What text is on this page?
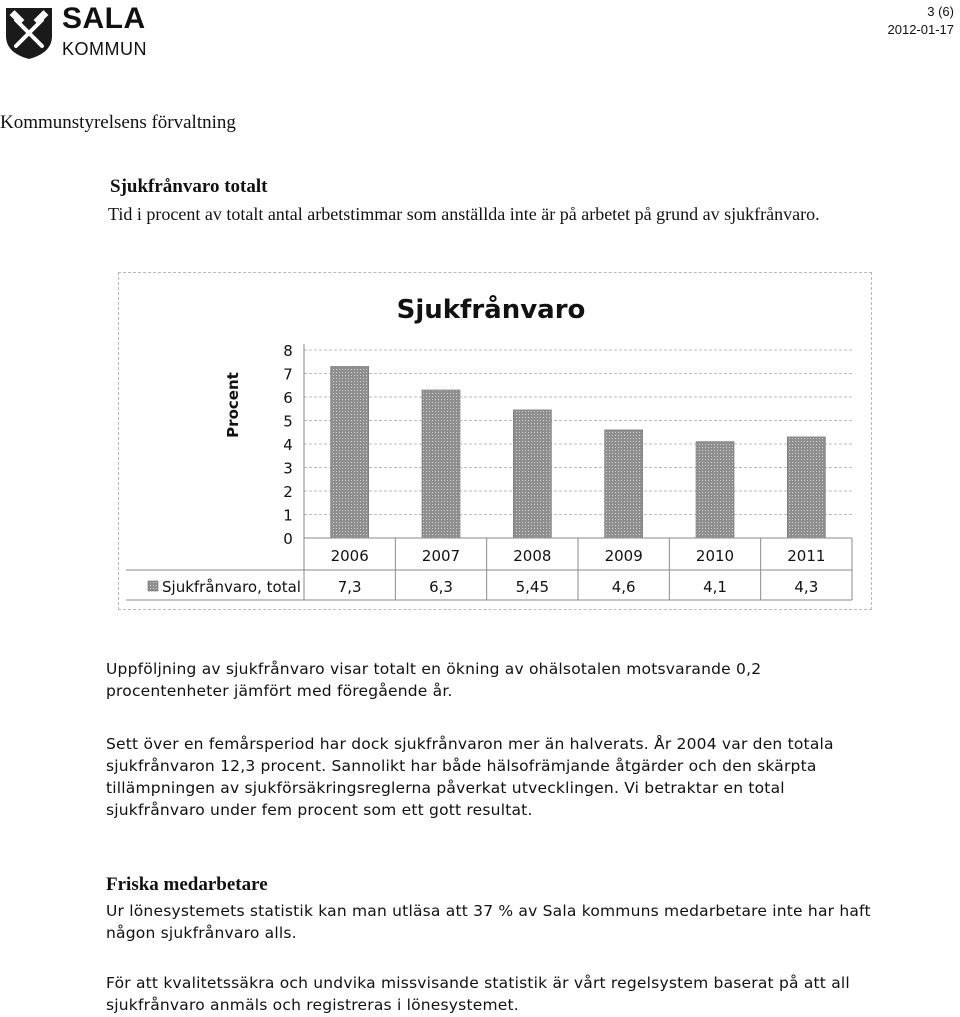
SALA
KOMMUN
3 (6)
2012-01-17
Kommunstyrelsens förvaltning
Sjukfrånvaro totalt
Tid i procent av totalt antal arbetstimmar som anställda inte är på arbetet på grund av sjukfrånvaro.
Sjukfrånvaro
Procent
0
1
2
3
4
5
6
7
8
2006
7,3
2007
6,3
2008
5,45
2009
4,6
2010
4,1
2011
4,3
Sjukfrånvaro, total
Uppföljning av sjukfrånvaro visar totalt en ökning av ohälsotalen motsvarande 0,2 procentenheter jämfört med föregående år.
Sett över en femårsperiod har dock sjukfrånvaron mer än halverats. År 2004 var den totala sjukfrånvaron 12,3 procent. Sannolikt har både hälsofrämjande åtgärder och den skärpta tillämpningen av sjukförsäkringsreglerna påverkat utvecklingen. Vi betraktar en total sjukfrånvaro under fem procent som ett gott resultat.
Friska medarbetare
Ur lönesystemets statistik kan man utläsa att 37 % av Sala kommuns medarbetare inte har haft någon sjukfrånvaro alls.
För att kvalitetssäkra och undvika missvisande statistik är vårt regelsystem baserat på att all sjukfrånvaro anmäls och registreras i lönesystemet.
